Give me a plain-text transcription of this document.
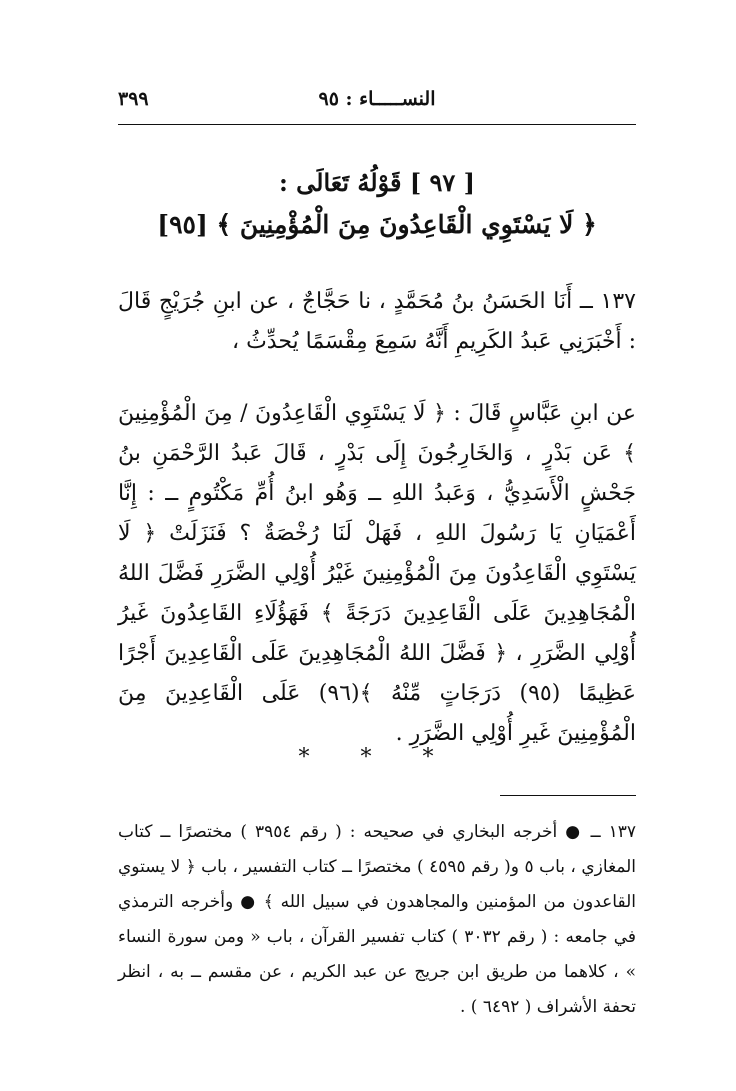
النســـــاء : ٩٥
٣٩٩
[ ٩٧ ] قَوْلُهُ تَعَالَى :
﴿ لَا يَسْتَوِي الْقَاعِدُونَ مِنَ الْمُؤْمِنِينَ ﴾ [٩٥]
١٣٧ ــ أَنَا الحَسَنُ بنُ مُحَمَّدٍ ، نا حَجَّاجٌ ، عن ابنِ جُرَيْجٍ قَالَ : أَخْبَرَنِي عَبدُ الكَرِيمِ أَنَّهُ سَمِعَ مِقْسَمًا يُحدِّثُ ،
عن ابنِ عَبَّاسٍ قَالَ : ﴿ لَا يَسْتَوِي الْقَاعِدُونَ / مِنَ الْمُؤْمِنِينَ ﴾ عَن بَدْرٍ ، وَالخَارِجُونَ إِلَى بَدْرٍ ، قَالَ عَبدُ الرَّحْمَنِ بنُ جَحْشٍ الْأَسَدِيُّ ، وَعَبدُ اللهِ ــ وَهُو ابنُ أُمِّ مَكْتُومٍ ــ : إِنَّا أَعْمَيَانِ يَا رَسُولَ اللهِ ، فَهَلْ لَنَا رُخْصَةٌ ؟ فَنَزَلَتْ ﴿ لَا يَسْتَوِي الْقَاعِدُونَ مِنَ الْمُؤْمِنِينَ غَيْرُ أُوْلِي الضَّرَرِ فَضَّلَ اللهُ الْمُجَاهِدِينَ عَلَى الْقَاعِدِينَ دَرَجَةً ﴾ فَهَؤُلَاءِ القَاعِدُونَ غَيرُ أُوْلِي الضَّرَرِ ، ﴿ فَضَّلَ اللهُ الْمُجَاهِدِينَ عَلَى الْقَاعِدِينَ أَجْرًا عَظِيمًا (٩٥) دَرَجَاتٍ مِّنْهُ ﴾(٩٦) عَلَى الْقَاعِدِينَ مِنَ الْمُؤْمِنِينَ غَيرِ أُوْلِي الضَّرَرِ .
* * *
١٣٧ ــ ● أخرجه البخاري في صحيحه : ( رقم ٣٩٥٤ ) مختصرًا ــ كتاب المغازي ، باب ٥ و( رقم ٤٥٩٥ ) مختصرًا ــ كتاب التفسير ، باب ﴿ لا يستوي القاعدون من المؤمنين والمجاهدون في سبيل الله ﴾ ● وأخرجه الترمذي في جامعه : ( رقم ٣٠٣٢ ) كتاب تفسير القرآن ، باب « ومن سورة النساء » ، كلاهما من طريق ابن جريج عن عبد الكريم ، عن مقسم ــ به ، انظر تحفة الأشراف ( ٦٤٩٢ ) .
